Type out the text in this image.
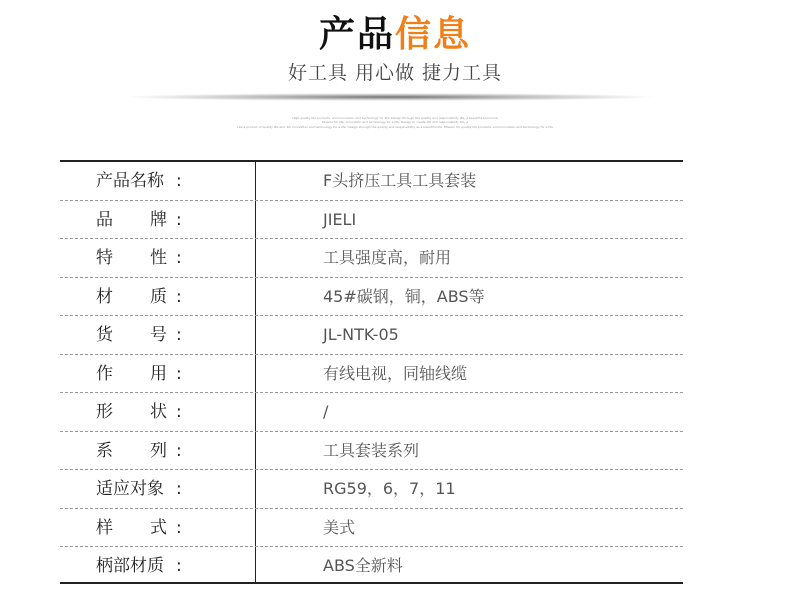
产品信息
好工具 用心做 捷力工具
High quality life products, and innovation and technology for life. Design through the quality and responsibility life, a beautiful tomorrow
Mission for life, innovation and technology for a life. Design to create life and responsibility life, a
Life a product of quality life and. Dri innovation and technology for a life. Design through the quality and responsibility as a beautiful life. Mission for quality life products, and innovation and technology for a life
产品名称 :	F头挤压工具工具套装
品 牌 :	JIELI
特 性 :	工具强度高，耐用
材 质 :	45#碳钢，铜，ABS等
货 号 :	JL-NTK-05
作 用 :	有线电视，同轴线缆
形 状 :	/
系 列 :	工具套装系列
适应对象 :	RG59，6，7，11
样 式 :	美式
柄部材质 :	ABS全新料
